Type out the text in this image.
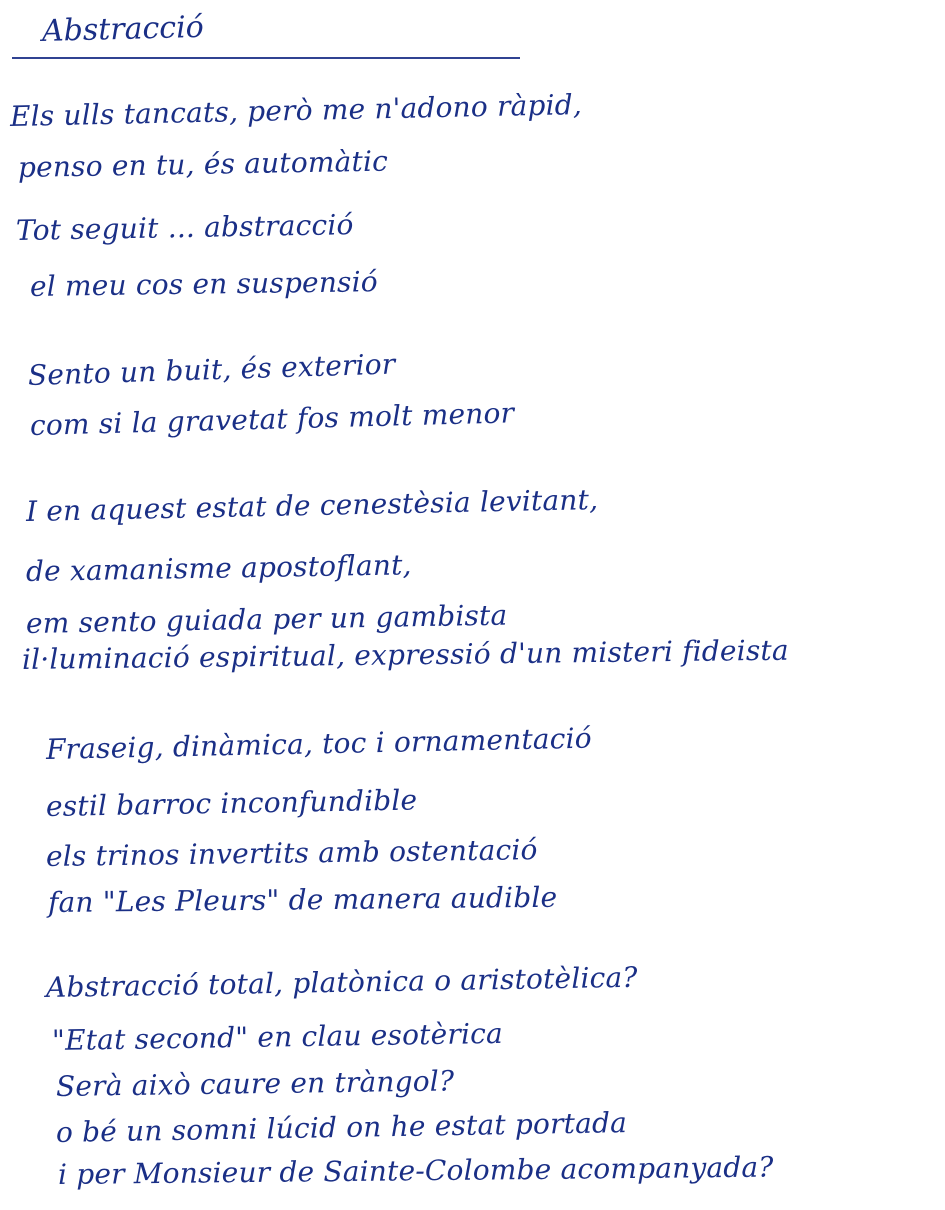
Abstracció
Els ulls tancats, però me n'adono ràpid,
penso en tu, és automàtic
Tot seguit ... abstracció
el meu cos en suspensió
Sento un buit, és exterior
com si la gravetat fos molt menor
I en aquest estat de cenestèsia levitant,
de xamanisme apostoflant,
em sento guiada per un gambista
il·luminació espiritual, expressió d'un misteri fideista
Fraseig, dinàmica, toc i ornamentació
estil barroc inconfundible
els trinos invertits amb ostentació
fan "Les Pleurs" de manera audible
Abstracció total, platònica o aristotèlica?
"Etat second" en clau esotèrica
Serà això caure en tràngol?
o bé un somni lúcid on he estat portada
i per Monsieur de Sainte-Colombe acompanyada?
